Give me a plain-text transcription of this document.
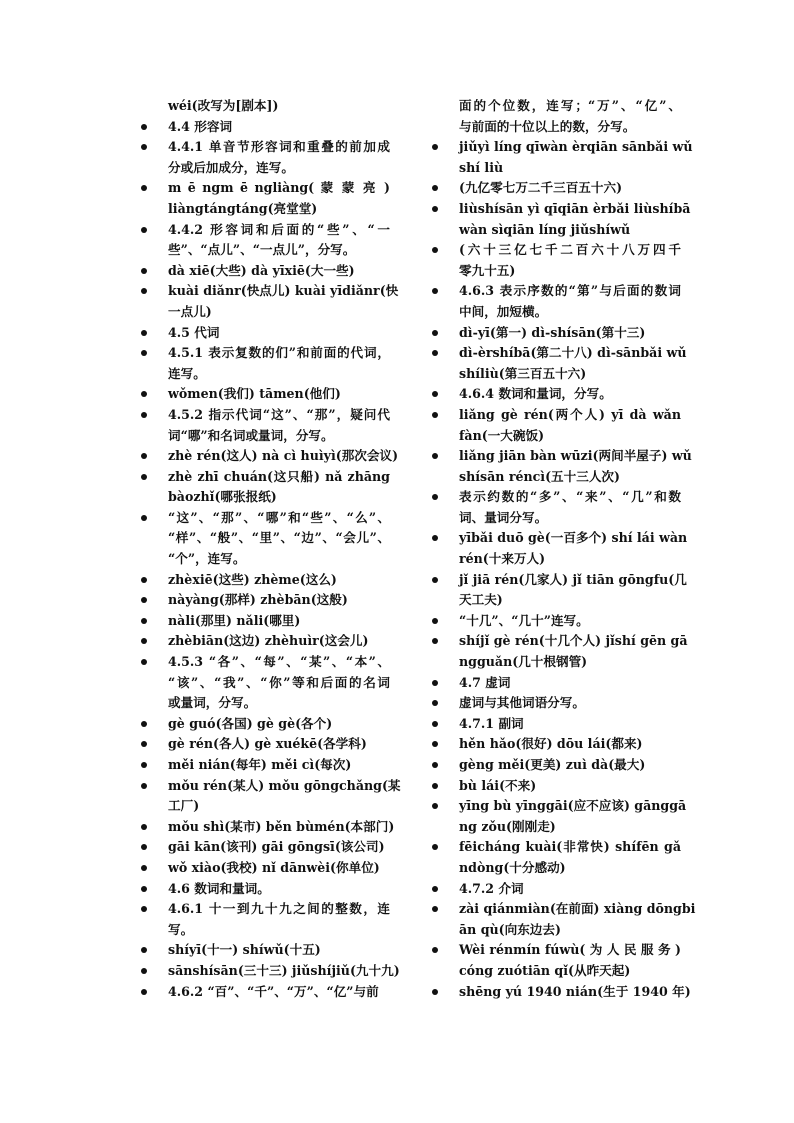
wéi(改写为[剧本])
4.4 形容词
4.4.1 单音节形容词和重叠的前加成
分或后加成分，连写。
m ē ngm ē ngliàng( 蒙 蒙 亮 )
liàngtángtáng(亮堂堂)
4.4.2 形容词和后面的“些”、“一
些”、“点儿”、“一点儿”，分写。
dà xiē(大些) dà yīxiē(大一些)
kuài diǎnr(快点儿) kuài yīdiǎnr(快
一点儿)
4.5 代词
4.5.1 表示复数的们”和前面的代词，
连写。
wǒmen(我们) tāmen(他们)
4.5.2 指示代词“这”、“那”，疑问代
词“哪”和名词或量词，分写。
zhè rén(这人) nà cì huìyì(那次会议)
zhè zhī chuán(这只船) nǎ zhāng
bàozhǐ(哪张报纸)
“这”、“那”、“哪”和“些”、“么”、
“样”、“般”、“里”、“边”、“会儿”、
“个”，连写。
zhèxiē(这些) zhème(这么)
nàyàng(那样) zhèbān(这般)
nàli(那里) nǎli(哪里)
zhèbiān(这边) zhèhuìr(这会儿)
4.5.3 “各”、“每”、“某”、“本”、
“该”、“我”、“你”等和后面的名词
或量词，分写。
gè guó(各国) gè gè(各个)
gè rén(各人) gè xuékē(各学科)
měi nián(每年) měi cì(每次)
mǒu rén(某人) mǒu gōngchǎng(某
工厂)
mǒu shì(某市) běn bùmén(本部门)
gāi kān(该刊) gāi gōngsī(该公司)
wǒ xiào(我校) nǐ dānwèi(你单位)
4.6 数词和量词。
4.6.1 十一到九十九之间的整数，连
写。
shíyī(十一) shíwǔ(十五)
sānshísān(三十三) jiǔshíjiǔ(九十九)
4.6.2 “百”、“千”、“万”、“亿”与前
面的个位数，连写；“万”、“亿”、
与前面的十位以上的数，分写。
jiǔyì líng qīwàn èrqiān sānbǎi wǔ
shí liù
(九亿零七万二千三百五十六)
liùshísān yì qīqiān èrbǎi liùshíbā
wàn sìqiān líng jiǔshíwǔ
(六十三亿七千二百六十八万四千
零九十五)
4.6.3 表示序数的“第”与后面的数词
中间，加短横。
dì-yī(第一) dì-shísān(第十三)
dì-èrshíbā(第二十八) dì-sānbǎi wǔ
shíliù(第三百五十六)
4.6.4 数词和量词，分写。
liǎng gè rén(两个人) yī dà wǎn
fàn(一大碗饭)
liǎng jiān bàn wūzi(两间半屋子) wǔ
shísān réncì(五十三人次)
表示约数的“多”、“来”、“几”和数
词、量词分写。
yībǎi duō gè(一百多个) shí lái wàn
rén(十来万人)
jǐ jiā rén(几家人) jǐ tiān gōngfu(几
天工夫)
“十几”、“几十”连写。
shíjǐ gè rén(十几个人) jǐshí gēn gā
ngguǎn(几十根钢管)
4.7 虚词
虚词与其他词语分写。
4.7.1 副词
hěn hǎo(很好) dōu lái(都来)
gèng měi(更美) zuì dà(最大)
bù lái(不来)
yīng bù yīnggāi(应不应该) gānggā
ng zǒu(刚刚走)
fēicháng kuài(非常快) shífēn gǎ
ndòng(十分感动)
4.7.2 介词
zài qiánmiàn(在前面) xiàng dōngbi
ān qù(向东边去)
Wèi rénmín fúwù( 为 人 民 服 务 )
cóng zuótiān qǐ(从昨天起)
shēng yú 1940 nián(生于 1940 年)
